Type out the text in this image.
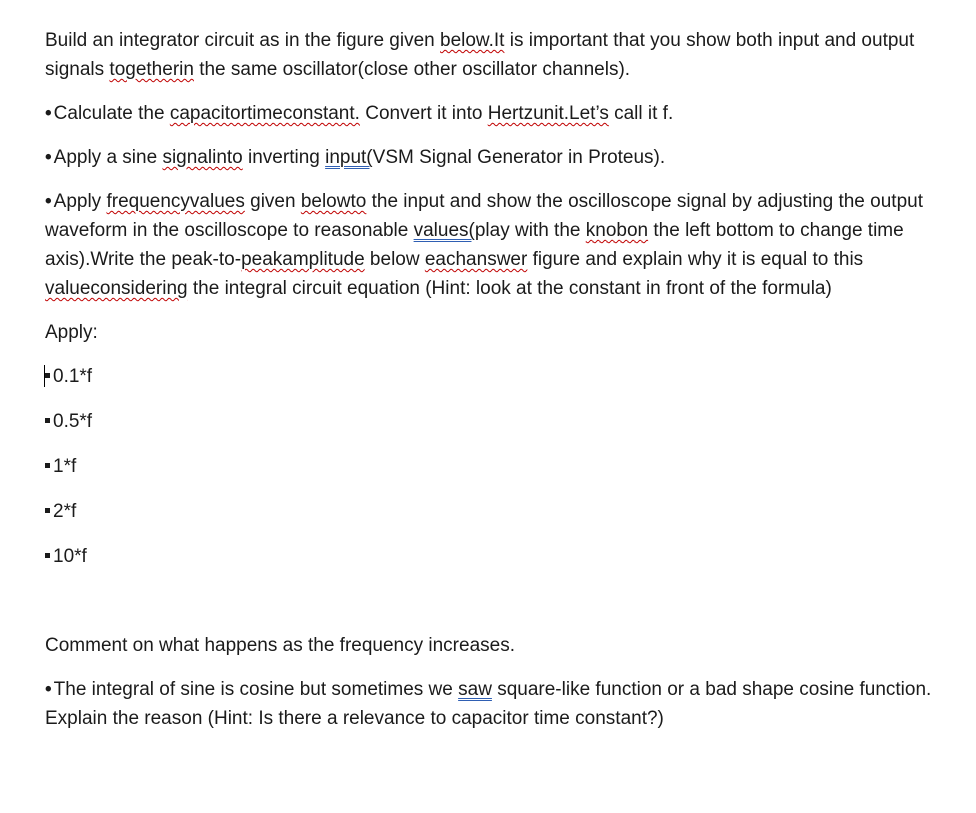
Build an integrator circuit as in the figure given below.It is important that you show both input and output signals togetherin the same oscillator(close other oscillator channels).

• Calculate the capacitortimeconstant. Convert it into Hertzunit.Let’s call it f.

• Apply a sine signalinto inverting input(VSM Signal Generator in Proteus).

• Apply frequencyvalues given belowto the input and show the oscilloscope signal by adjusting the output waveform in the oscilloscope to reasonable values(play with the knobon the left bottom to change time axis).Write the peak-to-peakamplitude below eachanswer figure and explain why it is equal to this valueconsidering the integral circuit equation (Hint: look at the constant in front of the formula)

Apply:

0.1*f
0.5*f
1*f
2*f
10*f

Comment on what happens as the frequency increases.

• The integral of sine is cosine but sometimes we saw square-like function or a bad shape cosine function. Explain the reason (Hint: Is there a relevance to capacitor time constant?)
